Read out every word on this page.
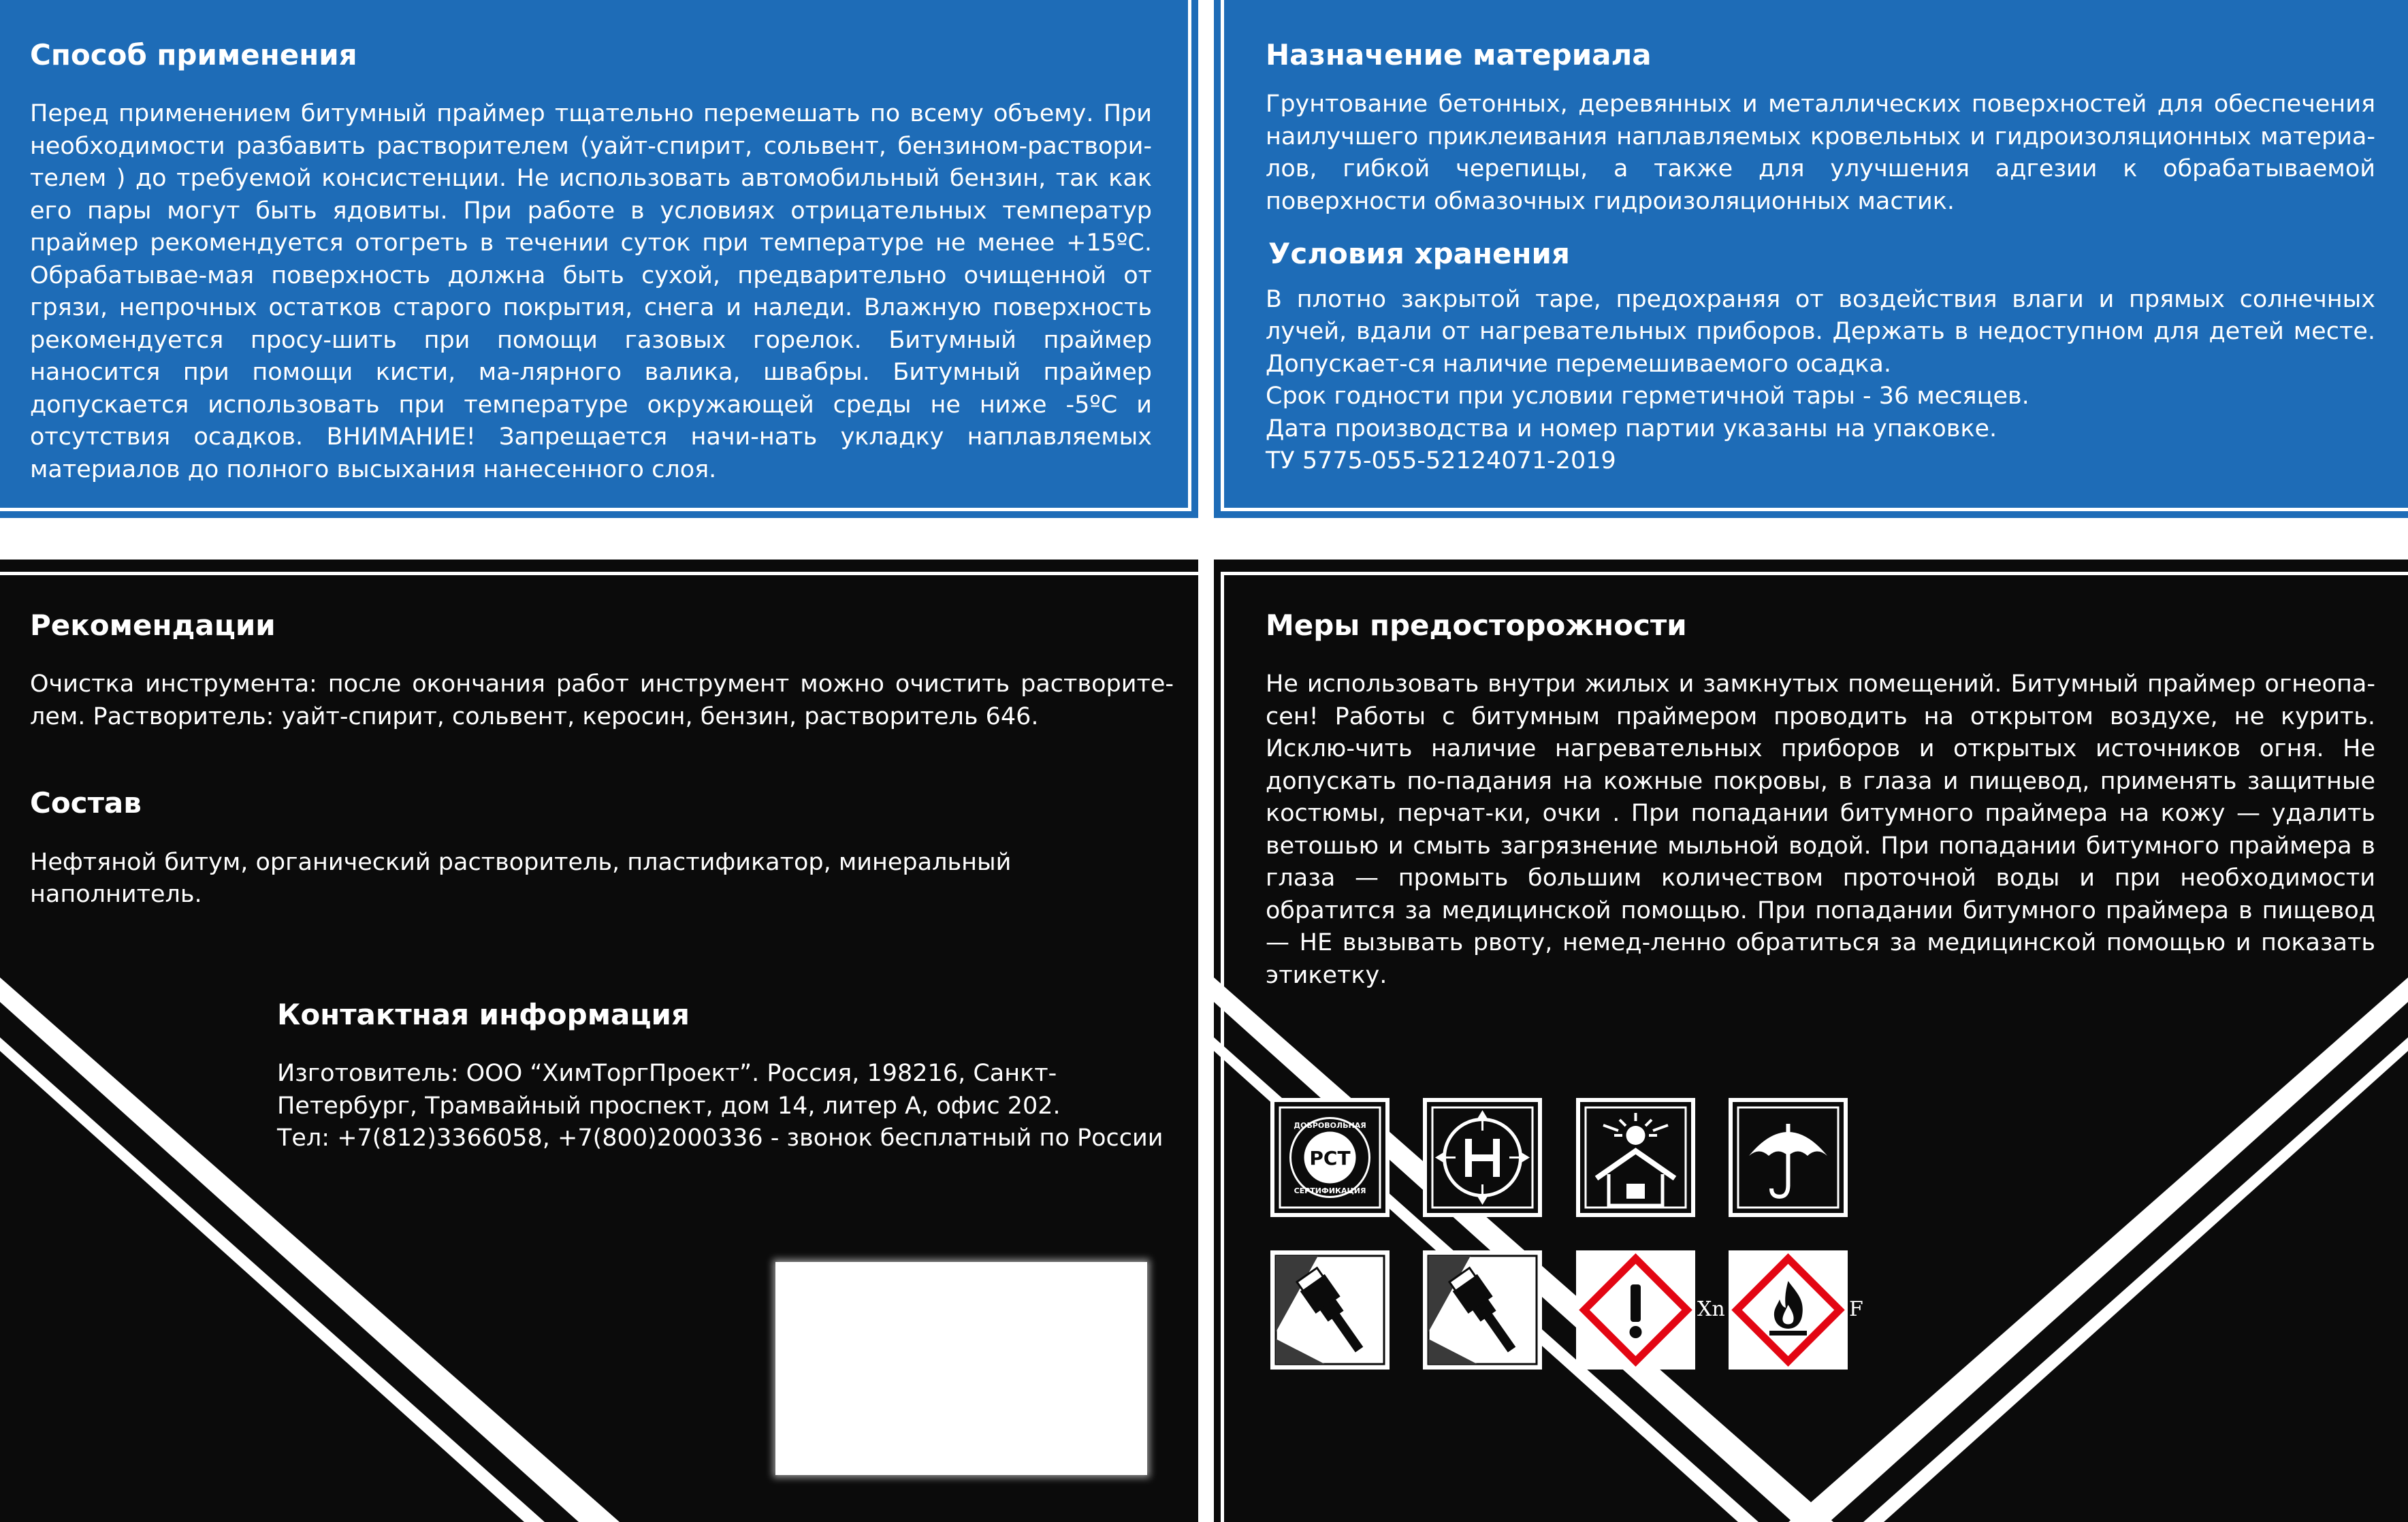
Способ применения

Перед применением битумный праймер тщательно перемешать по всему объему. При необходимости разбавить растворителем (уайт-спирит, сольвент, бензином-раствори-телем ) до требуемой консистенции. Не использовать автомобильный бензин, так как его пары могут быть ядовиты. При работе в условиях отрицательных температур праймер рекомендуется отогреть в течении суток при температуре не менее +15ºС. Обрабатывае-мая поверхность должна быть сухой, предварительно очищенной от грязи, непрочных остатков старого покрытия, снега и наледи. Влажную поверхность рекомендуется просу-шить при помощи газовых горелок. Битумный праймер наносится при помощи кисти, ма-лярного валика, швабры. Битумный праймер допускается использовать при температуре окружающей среды не ниже -5ºС и отсутствия осадков. ВНИМАНИЕ! Запрещается начи-нать укладку наплавляемых материалов до полного высыхания нанесенного слоя.

Назначение материала

Грунтование бетонных, деревянных и металлических поверхностей для обеспечения наилучшего приклеивания наплавляемых кровельных и гидроизоляционных материа-лов, гибкой черепицы, а также для улучшения адгезии к обрабатываемой поверхности обмазочных гидроизоляционных мастик.

Условия хранения

В плотно закрытой таре, предохраняя от воздействия влаги и прямых солнечных лучей, вдали от нагревательных приборов. Держать в недоступном для детей месте. Допускает-ся наличие перемешиваемого осадка.

Срок годности при условии герметичной тары - 36 месяцев.

Дата производства и номер партии указаны на упаковке.

ТУ 5775-055-52124071-2019

Рекомендации

Очистка инструмента: после окончания работ инструмент можно очистить растворите-лем. Растворитель: уайт-спирит, сольвент, керосин, бензин, растворитель 646.

Состав

Нефтяной битум, органический растворитель, пластификатор, минеральный наполнитель.

Контактная информация

Изготовитель: ООО “ХимТоргПроект”. Россия, 198216, Санкт-Петербург, Трамвайный проспект, дом 14, литер А, офис 202.

Тел: +7(812)3366058, +7(800)2000336 - звонок бесплатный по России

Меры предосторожности

Не использовать внутри жилых и замкнутых помещений. Битумный праймер огнеопа-сен! Работы с битумным праймером проводить на открытом воздухе, не курить. Исклю-чить наличие нагревательных приборов и открытых источников огня. Не допускать по-падания на кожные покровы, в глаза и пищевод, применять защитные костюмы, перчат-ки, очки . При попадании битумного праймера на кожу — удалить ветошью и смыть загрязнение мыльной водой. При попадании битумного праймера в глаза — промыть большим количеством проточной воды и при необходимости обратится за медицинской помощью. При попадании битумного праймера в пищевод — НЕ вызывать рвоту, немед-ленно обратиться за медицинской помощью и показать этикетку.

РСТ
ДОБРОВОЛЬНАЯ
СЕРТИФИКАЦИЯ
Xn	F
